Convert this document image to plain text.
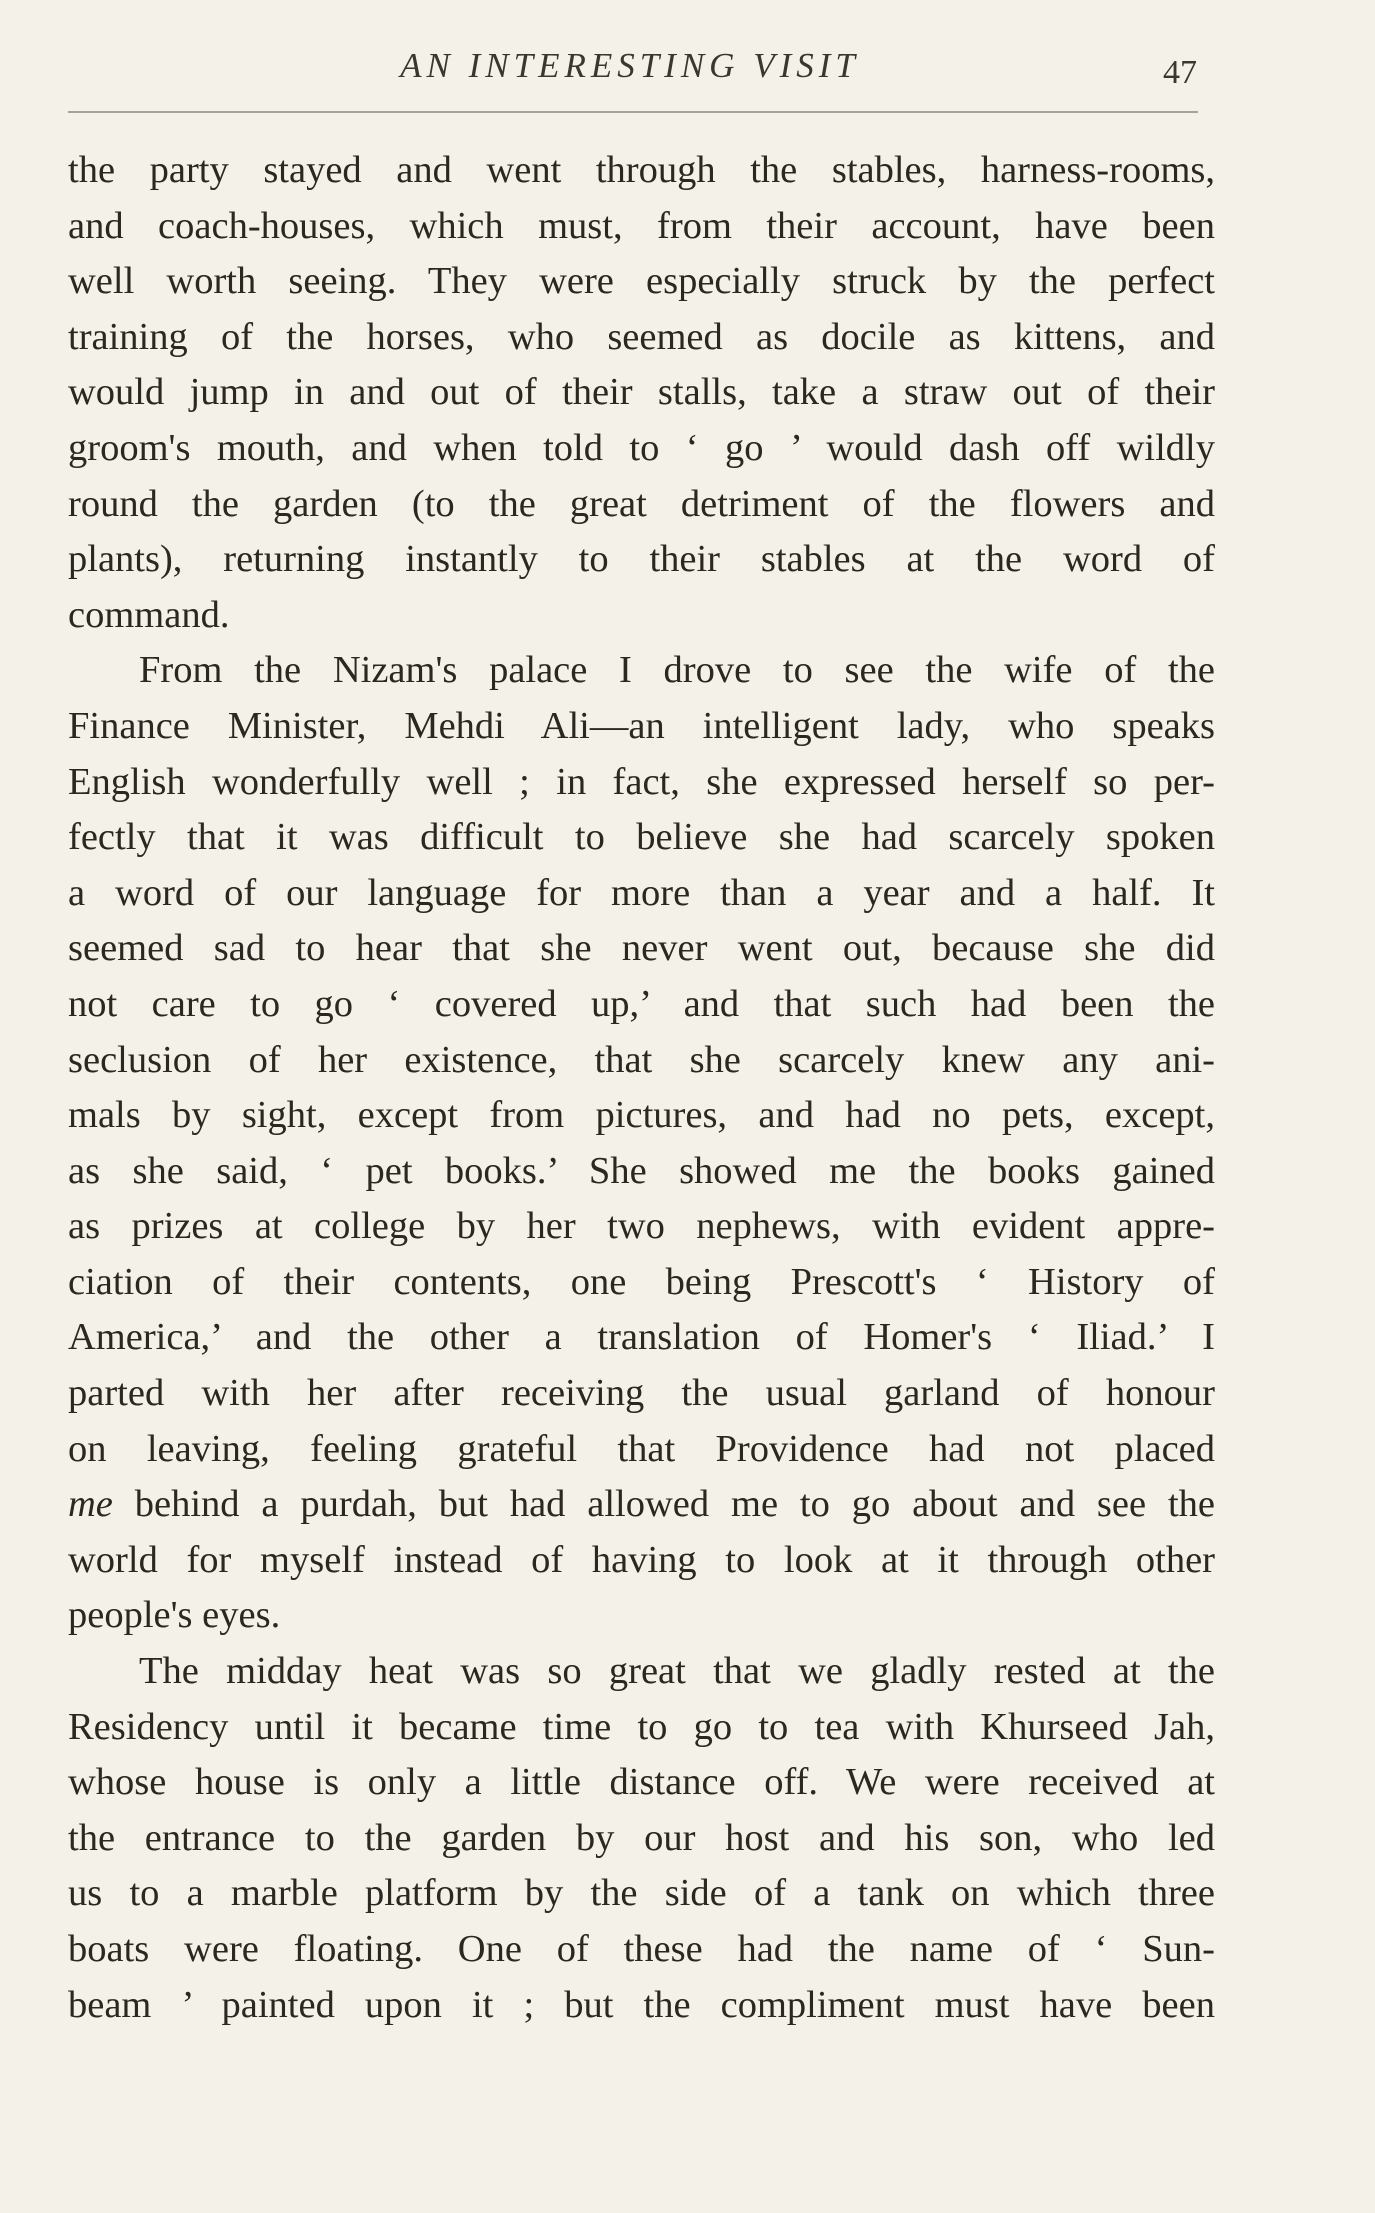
AN INTERESTING VISIT	47
the party stayed and went through the stables, harness-rooms,
and coach-houses, which must, from their account, have been
well worth seeing. They were especially struck by the perfect
training of the horses, who seemed as docile as kittens, and
would jump in and out of their stalls, take a straw out of their
groom's mouth, and when told to ‘ go ’ would dash off wildly
round the garden (to the great detriment of the flowers and
plants), returning instantly to their stables at the word of
command.
From the Nizam's palace I drove to see the wife of the
Finance Minister, Mehdi Ali—an intelligent lady, who speaks
English wonderfully well ; in fact, she expressed herself so per-
fectly that it was difficult to believe she had scarcely spoken
a word of our language for more than a year and a half. It
seemed sad to hear that she never went out, because she did
not care to go ‘ covered up,’ and that such had been the
seclusion of her existence, that she scarcely knew any ani-
mals by sight, except from pictures, and had no pets, except,
as she said, ‘ pet books.’ She showed me the books gained
as prizes at college by her two nephews, with evident appre-
ciation of their contents, one being Prescott's ‘ History of
America,’ and the other a translation of Homer's ‘ Iliad.’ I
parted with her after receiving the usual garland of honour
on leaving, feeling grateful that Providence had not placed
me behind a purdah, but had allowed me to go about and see the
world for myself instead of having to look at it through other
people's eyes.
The midday heat was so great that we gladly rested at the
Residency until it became time to go to tea with Khurseed Jah,
whose house is only a little distance off. We were received at
the entrance to the garden by our host and his son, who led
us to a marble platform by the side of a tank on which three
boats were floating. One of these had the name of ‘ Sun-
beam ’ painted upon it ; but the compliment must have been
